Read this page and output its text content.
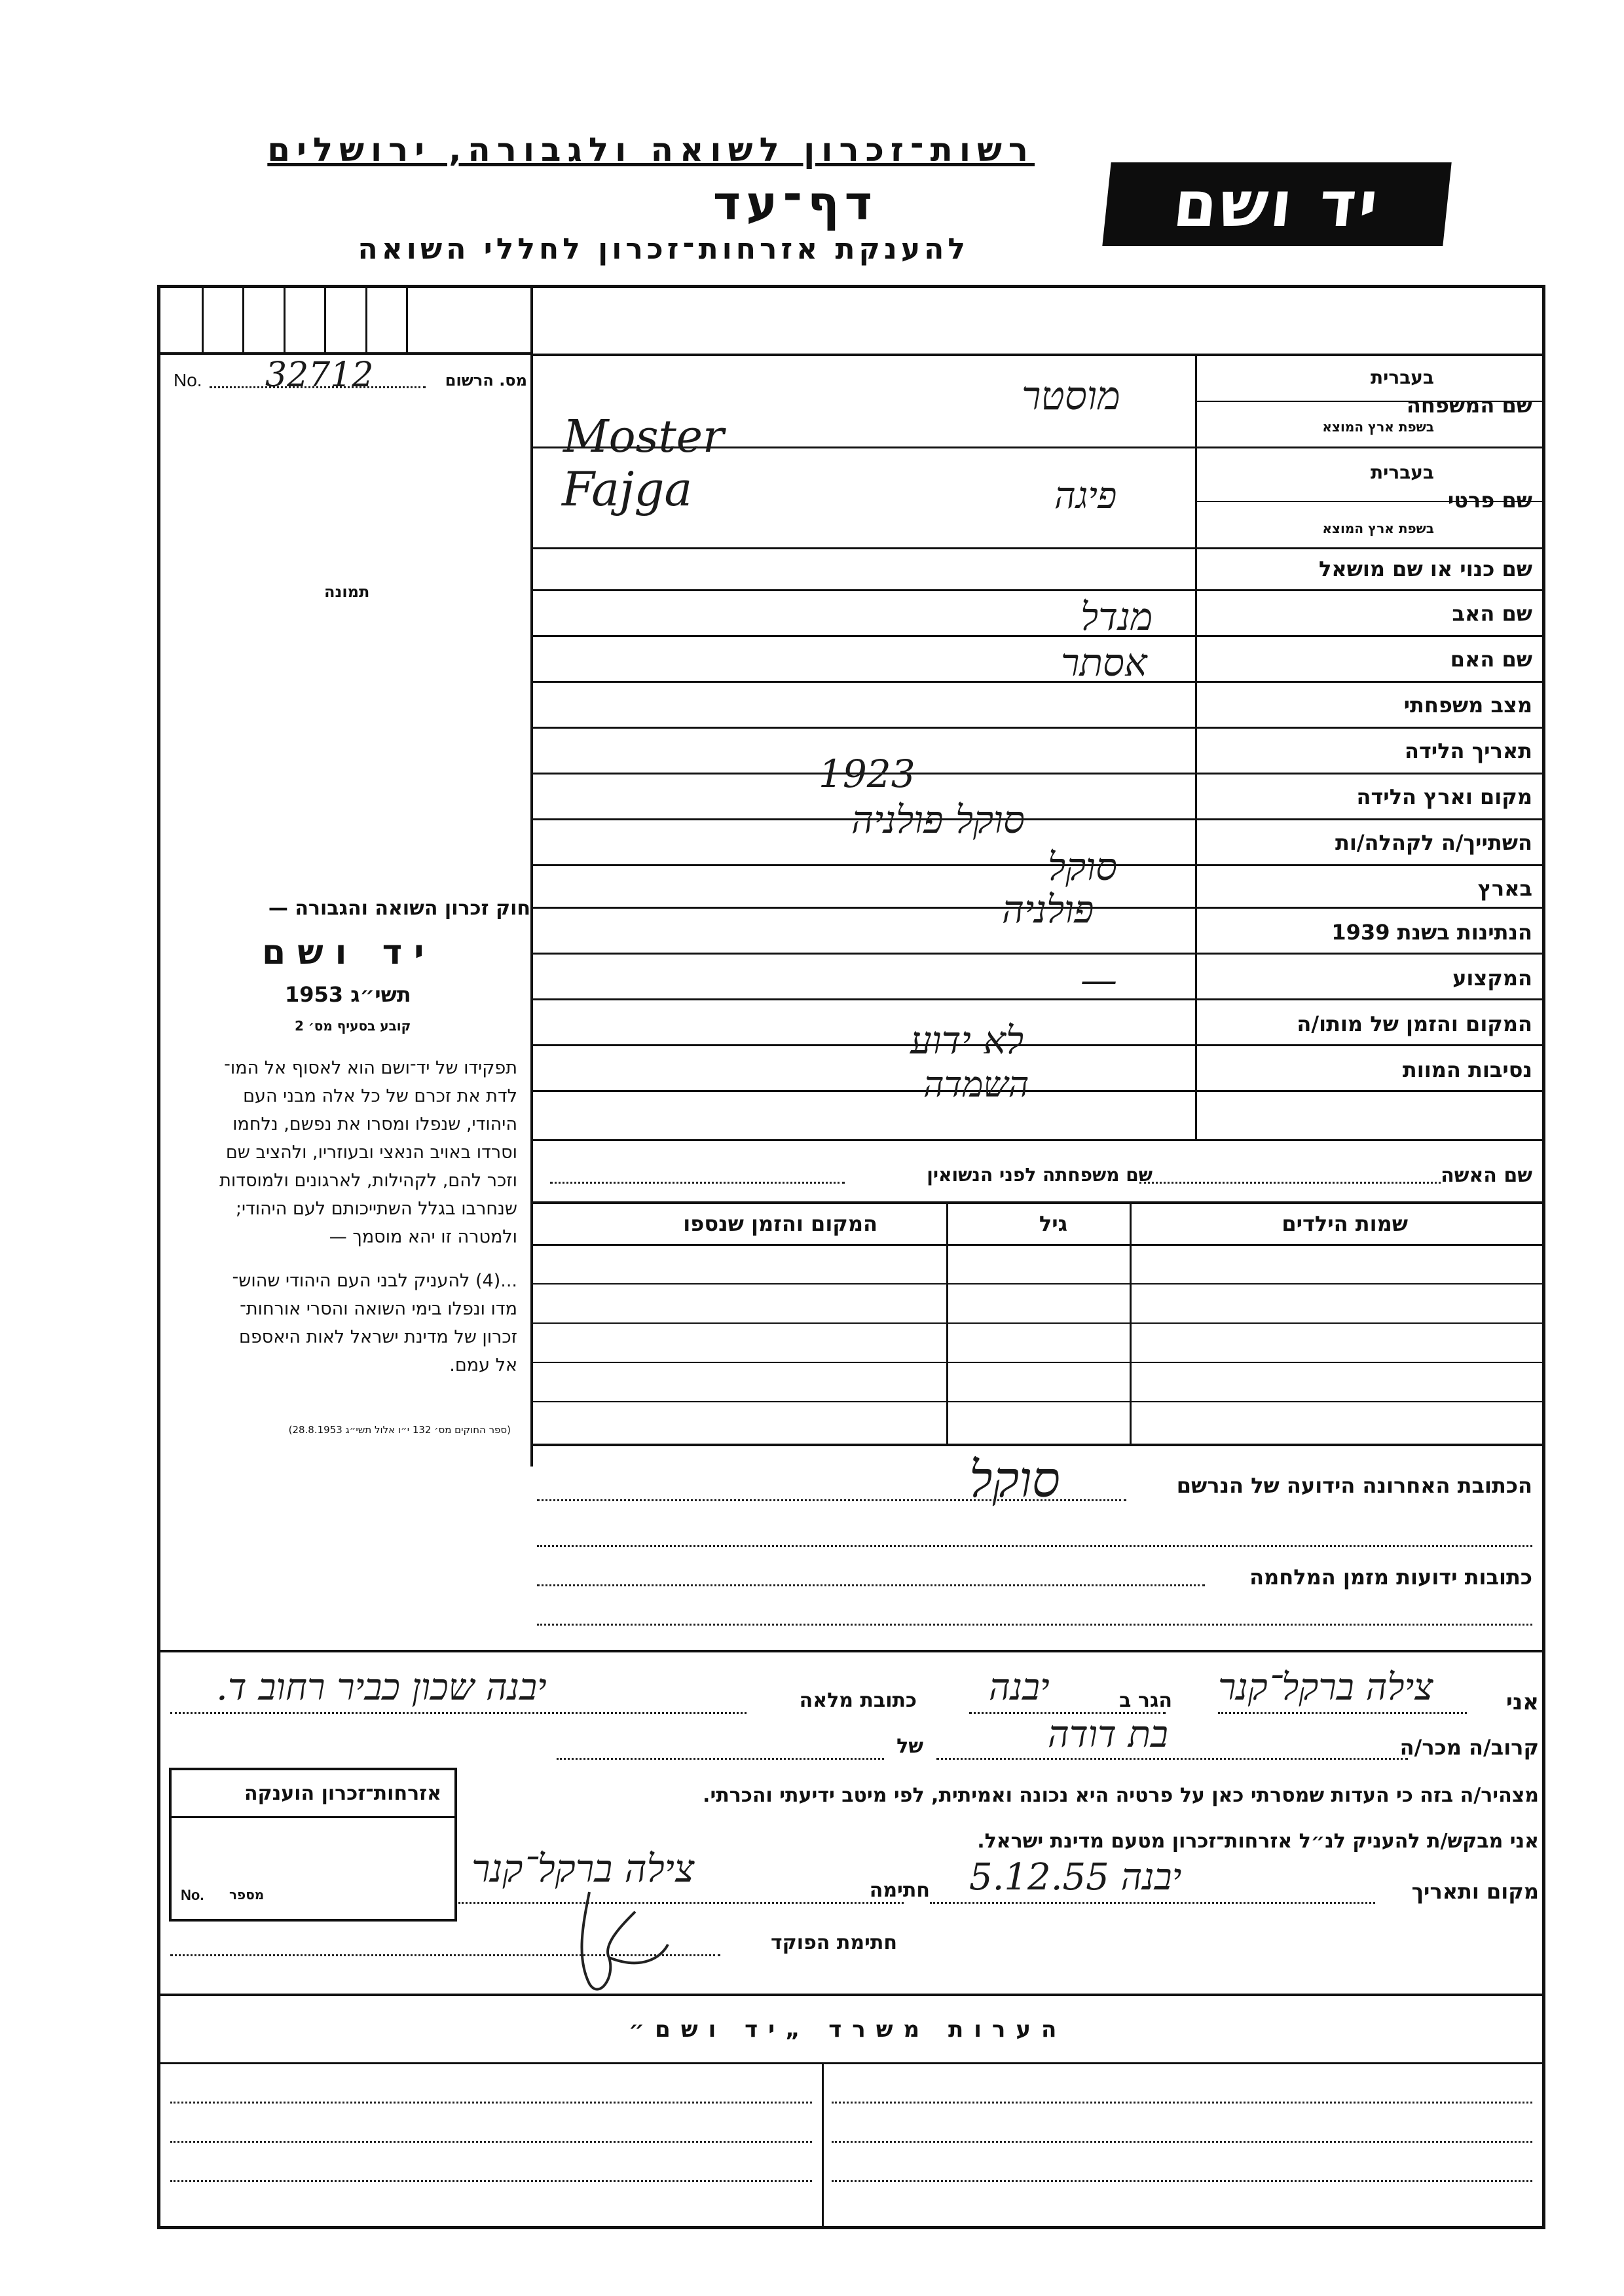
רשות־זכרון לשואה ולגבורה, ירושלים
דף־עד
להענקת אזרחות־זכרון לחללי השואה
יד ושם
No. 32712	מס. הרשום
תמונה
שם המשפחה
בעברית
בשפת ארץ המוצא
מוסטר
Moster
שם פרטי
בעברית
בשפת ארץ המוצא
פיגה
Fajga
שם כנוי או שם מושאל
שם האב
מנדל
שם האם
אסתר
מצב משפחתי
תאריך הלידה
1923
מקום וארץ הלידה
סוקל פולניה
השתייך/ה לקהלה/ות
סוקל	בארץ
פולניה
הנתינות בשנת 1939
המקצוע
—
המקום והזמן של מותו/ה
לא ידוע
נסיבות המוות
השמדה
חוק זכרון השואה והגבורה —
יד ושם
תשי״ג 1953
קובע בסעיף מס׳ 2
תפקידו של יד־ושם הוא לאסוף אל המו־
לדת את זכרם של כל אלה מבני העם
היהודי, שנפלו ומסרו את נפשם, נלחמו
וסרדו באויב הנאצי ובעוזריו, ולהציב שם
וזכר להם, לקהילות, לארגונים ולמוסדות
שנחרבו בגלל השתייכותם לעם היהודי;
ולמטרה זו יהא מוסמך —
...(4) להעניק לבני העם היהודי שהוש־
מדו ונפלו בימי השואה והסרי אורחות־
זכרון של מדינת ישראל לאות היאספם
אל עמם.
(ספר החוקים מס׳ 132 י״ו אלול תשי״ג 28.8.1953)
שם האשה
שם משפחתה לפני הנשואין
שמות הילדים
גיל
המקום והזמן שנספו
הכתובת האחרונה הידועה של הנרשם
סוקל
כתובות ידועות מזמן המלחמה
אני
צילה ברקל־קנר
הגר ב
יבנה
כתובת מלאה
יבנה שכון כביר רחוב ד.
קרוב/ה מכר/ה
בת דודה
של
מצהיר/ה בזה כי העדות שמסרתי כאן על פרטיה היא נכונה ואמיתית, לפי מיטב ידיעתי והכרתי.
אני מבקש/ת להעניק לנ״ל אזרחות־זכרון מטעם מדינת ישראל.
מקום ותאריך
יבנה 5.12.55
חתימה
צילה ברקל־קנר
חתימת הפוקד
אזרחות־זכרון הוענקה
No. מספר
הערות משרד „יד ושם״
